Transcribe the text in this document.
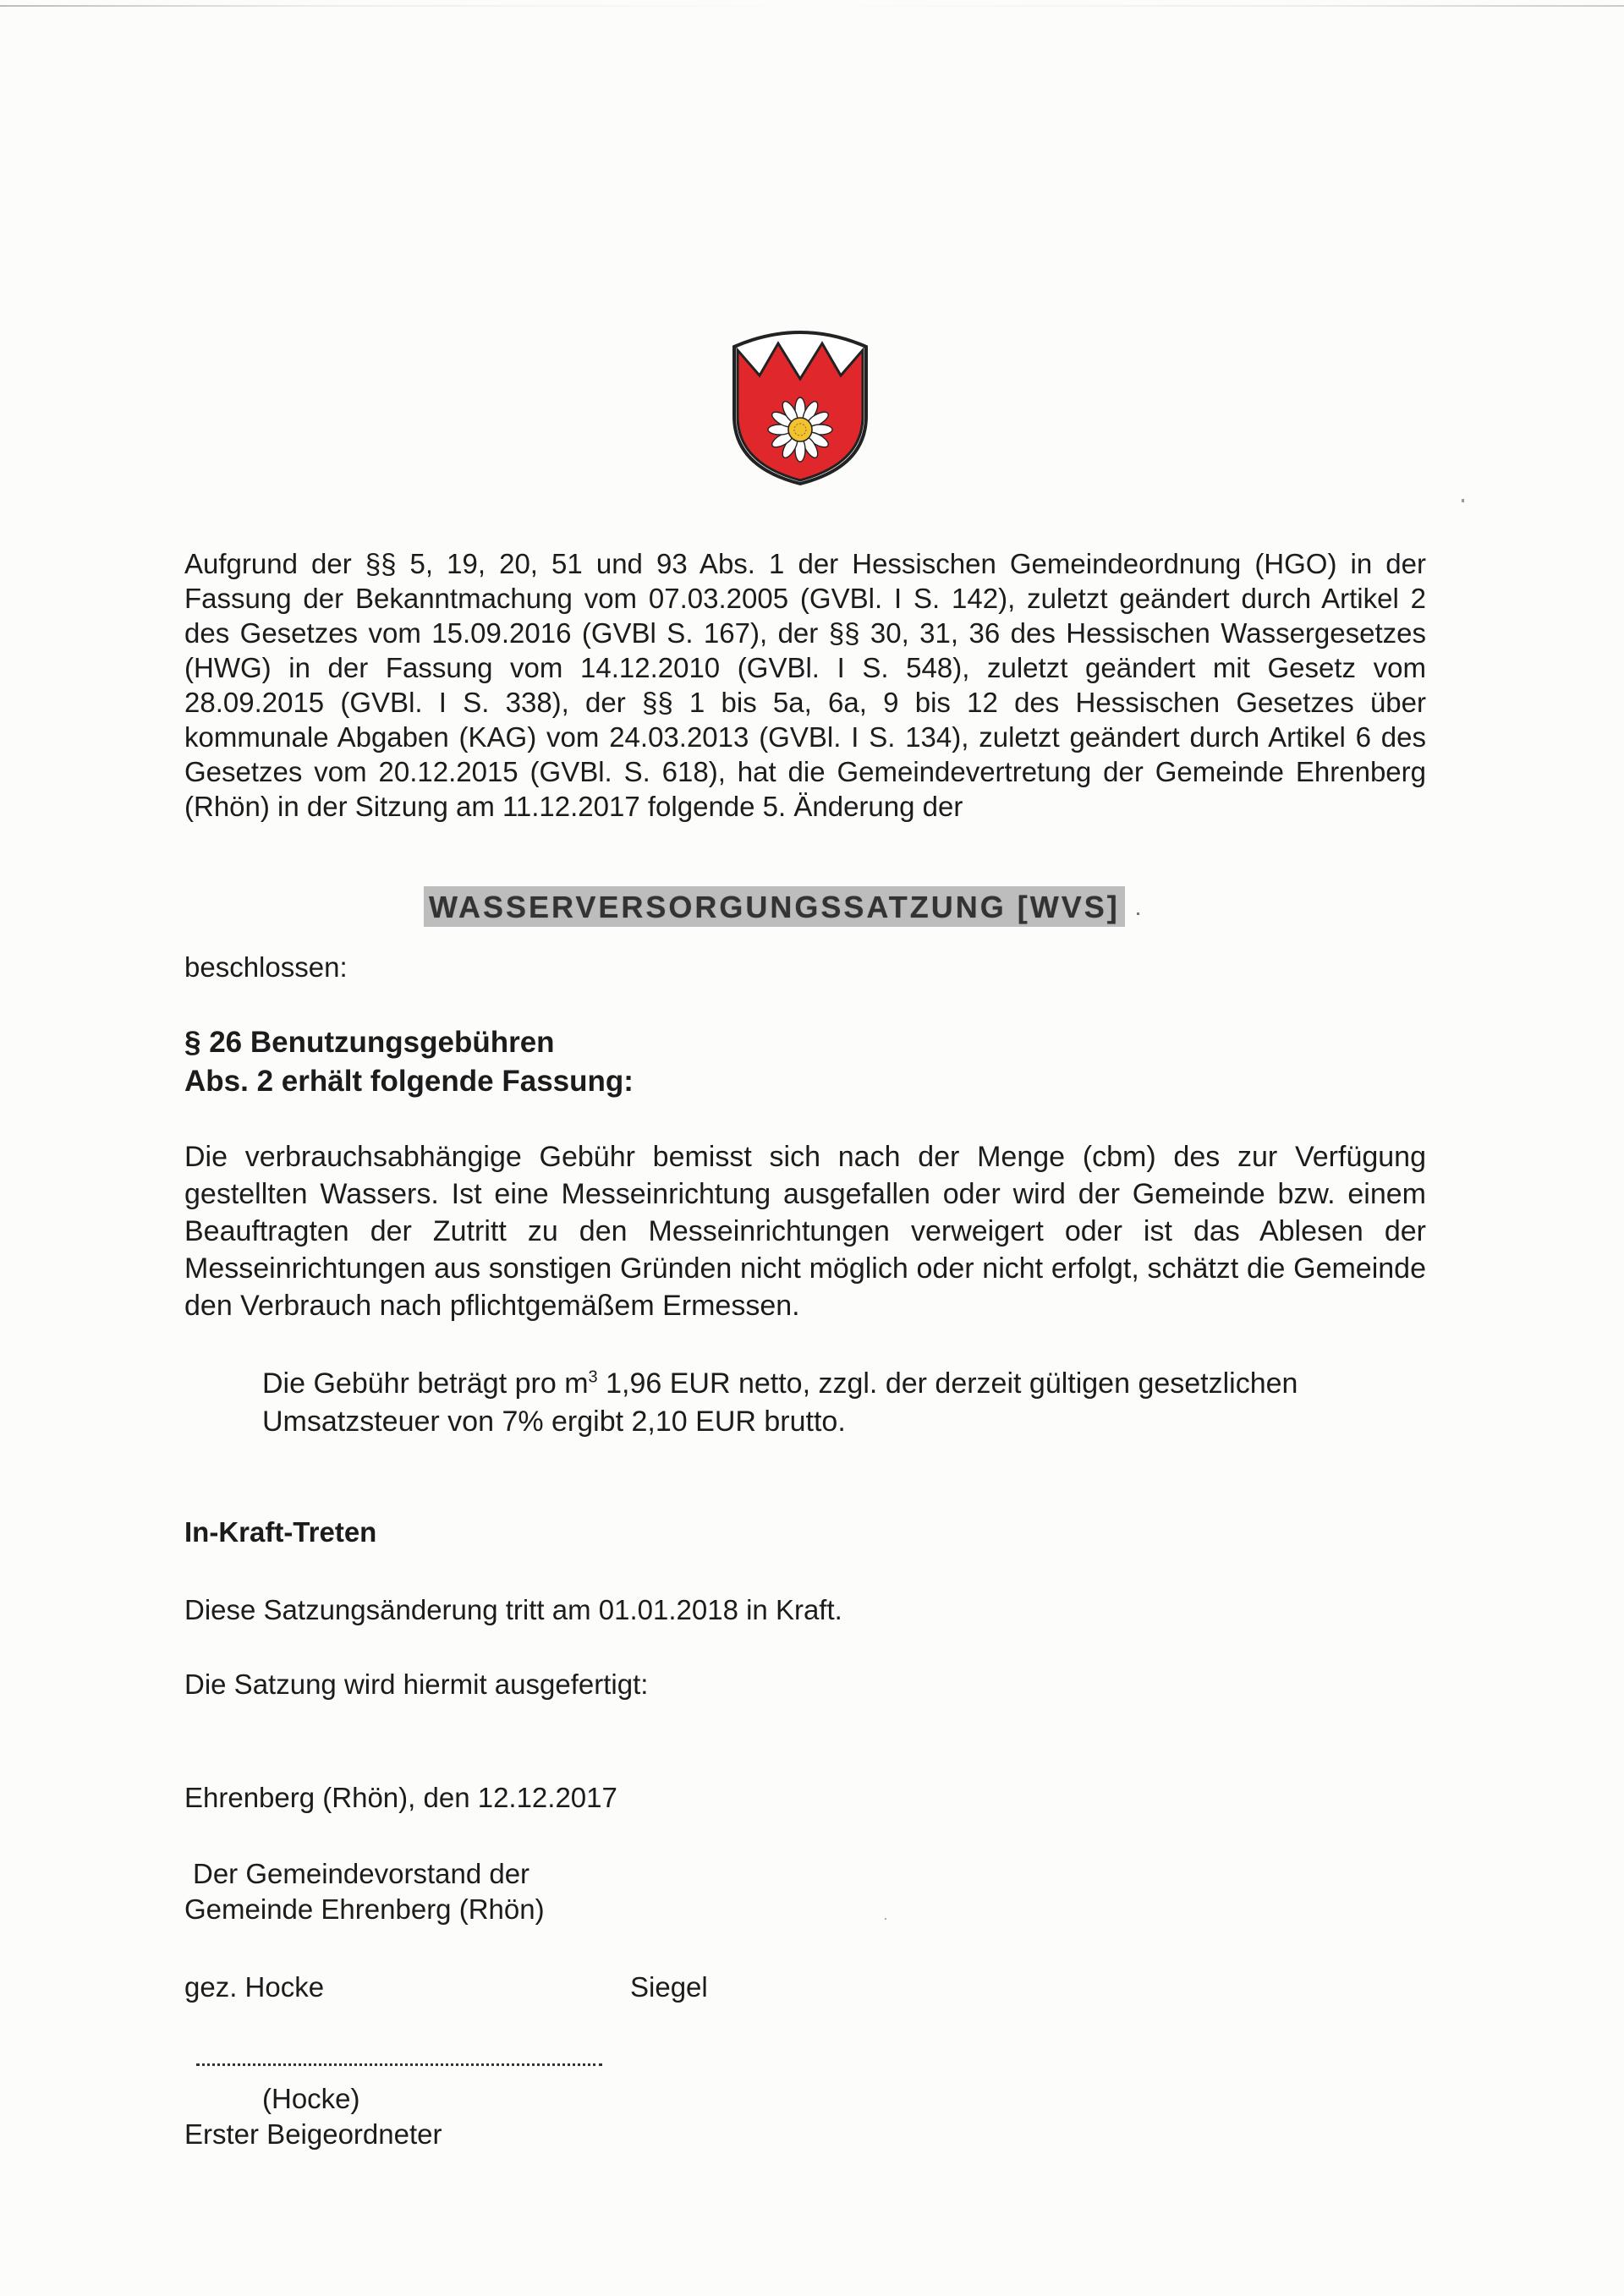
Aufgrund der §§ 5, 19, 20, 51 und 93 Abs. 1 der Hessischen Gemeindeordnung (HGO) in der Fassung der Bekanntmachung vom 07.03.2005 (GVBl. I S. 142), zuletzt geändert durch Artikel 2 des Gesetzes vom 15.09.2016 (GVBl S. 167), der §§ 30, 31, 36 des Hessischen Wassergesetzes (HWG) in der Fassung vom 14.12.2010 (GVBl. I S. 548), zuletzt geändert mit Gesetz vom 28.09.2015 (GVBl. I S. 338), der §§ 1 bis 5a, 6a, 9 bis 12 des Hessischen Gesetzes über kommunale Abgaben (KAG) vom 24.03.2013 (GVBl. I S. 134), zuletzt geändert durch Artikel 6 des Gesetzes vom 20.12.2015 (GVBl. S. 618), hat die Gemeindevertretung der Gemeinde Ehrenberg (Rhön) in der Sitzung am 11.12.2017 folgende 5. Änderung der

WASSERVERSORGUNGSSATZUNG [WVS]

beschlossen:

§ 26 Benutzungsgebühren
Abs. 2 erhält folgende Fassung:

Die verbrauchsabhängige Gebühr bemisst sich nach der Menge (cbm) des zur Verfügung gestellten Wassers. Ist eine Messeinrichtung ausgefallen oder wird der Gemeinde bzw. einem Beauftragten der Zutritt zu den Messeinrichtungen verweigert oder ist das Ablesen der Messeinrichtungen aus sonstigen Gründen nicht möglich oder nicht erfolgt, schätzt die Gemeinde den Verbrauch nach pflichtgemäßem Ermessen.

Die Gebühr beträgt pro $m^3$ 1,96 EUR netto, zzgl. der derzeit gültigen gesetzlichen Umsatzsteuer von 7% ergibt 2,10 EUR brutto.

In-Kraft-Treten

Diese Satzungsänderung tritt am 01.01.2018 in Kraft.

Die Satzung wird hiermit ausgefertigt:

Ehrenberg (Rhön), den 12.12.2017

Der Gemeindevorstand der

Gemeinde Ehrenberg (Rhön)

gez. Hocke	Siegel

(Hocke)

Erster Beigeordneter
